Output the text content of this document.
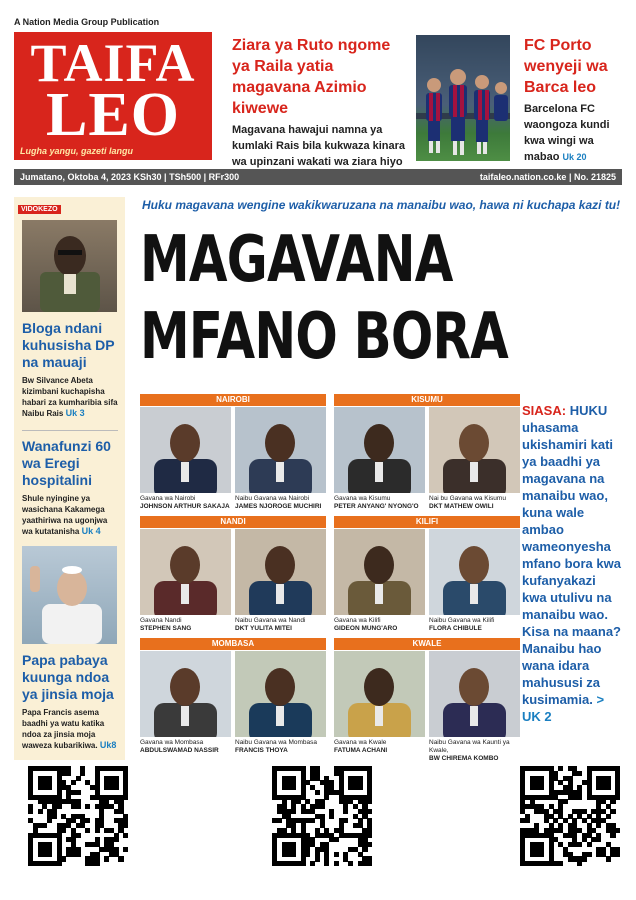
A Nation Media Group Publication
TAIFA
LEO
Lugha yangu, gazeti langu
Ziara ya Ruto ngome ya Raila yatia magavana Azimio kiwewe
Magavana hawajui namna ya kumlaki Rais bila kukwaza kinara wa upinzani wakati wa ziara hiyo
FC Porto wenyeji wa Barca leo
Barcelona FC waongoza kundi kwa wingi wa mabao Uk 20
Jumatano, Oktoba 4, 2023 KSh30 | TSh500 | RFr300	taifaleo.nation.co.ke | No. 21825
VIDOKEZO
Bloga ndani kuhusisha DP na mauaji
Bw Silvance Abeta kizimbani kuchapisha habari za kumharibia sifa Naibu Rais Uk 3
Wanafunzi 60 wa Eregi hospitalini
Shule nyingine ya wasichana Kakamega yaathiriwa na ugonjwa wa kutatanisha Uk 4
Papa pabaya kuunga ndoa ya jinsia moja
Papa Francis asema baadhi ya watu katika ndoa za jinsia moja waweza kubarikiwa. Uk8
Huku magavana wengine wakikwaruzana na manaibu wao, hawa ni kuchapa kazi tu!
MAGAVANA
MFANO BORA
NAIROBI
Gavana wa Nairobi
JOHNSON ARTHUR SAKAJA
Naibu Gavana wa Nairobi
JAMES NJOROGE MUCHIRI
KISUMU
Gavana wa Kisumu
PETER ANYANG' NYONG'O
Nai bu Gavana wa Kisumu
DKT MATHEW OWILI
NANDI
Gavana Nandi
STEPHEN SANG
Naibu Gavana wa Nandi
DKT YULITA MITEI
KILIFI
Gavana wa Kilifi
GIDEON MUNG'ARO
Naibu Gavana wa Kilifi
FLORA CHIBULE
MOMBASA
Gavana wa Mombasa
ABDULSWAMAD NASSIR
Naibu Gavana wa Mombasa
FRANCIS THOYA
KWALE
Gavana wa Kwale
FATUMA ACHANI
Naibu Gavana wa Kaunti ya Kwale,
BW CHIREMA KOMBO
SIASA: HUKU uhasama ukishamiri kati ya baadhi ya magavana na manaibu wao, kuna wale ambao wameonyesha mfano bora kwa kufanyakazi kwa utulivu na manaibu wao. Kisa na maana? Manaibu hao wana idara mahususi za kusimamia. > UK 2
